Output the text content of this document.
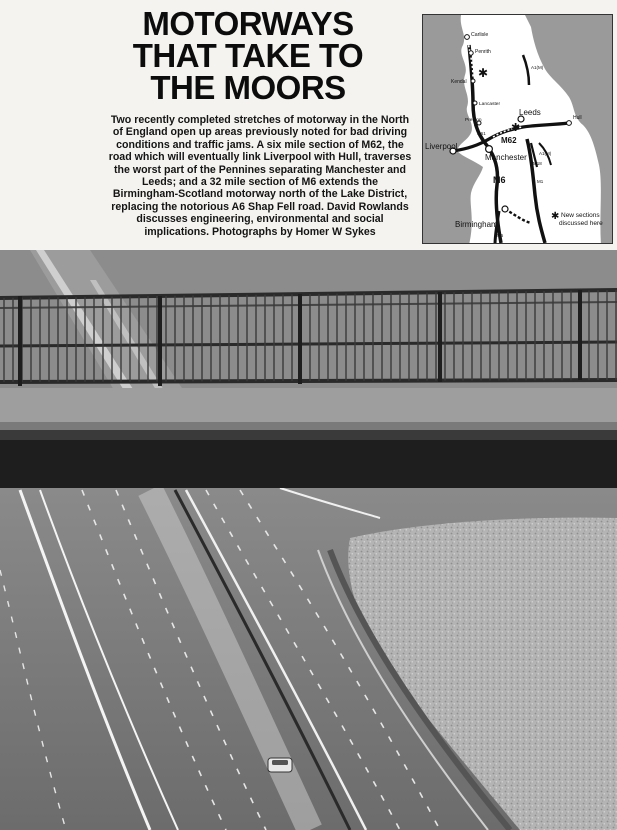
MOTORWAYS
THAT TAKE TO
THE MOORS

Two recently completed stretches of motorway in the North of England open up areas previously noted for bad driving conditions and traffic jams. A six mile section of M62, the road which will eventually link Liverpool with Hull, traverses the worst part of the Pennines separating Manchester and Leeds; and a 32 mile section of M6 extends the Birmingham-Scotland motorway north of the Lake District, replacing the notorious A6 Shap Fell road. David Rowlands discusses engineering, environmental and social implications. Photographs by Homer W Sykes

✱
✱
Carlisle
Penrith
Kendal
Lancaster
Preston
Leeds
Hull
Liverpool
Manchester
Birmingham
M62
M6
M61
M18
M1
M5
A1(M)
A1(M)
✱ New sections
discussed here
